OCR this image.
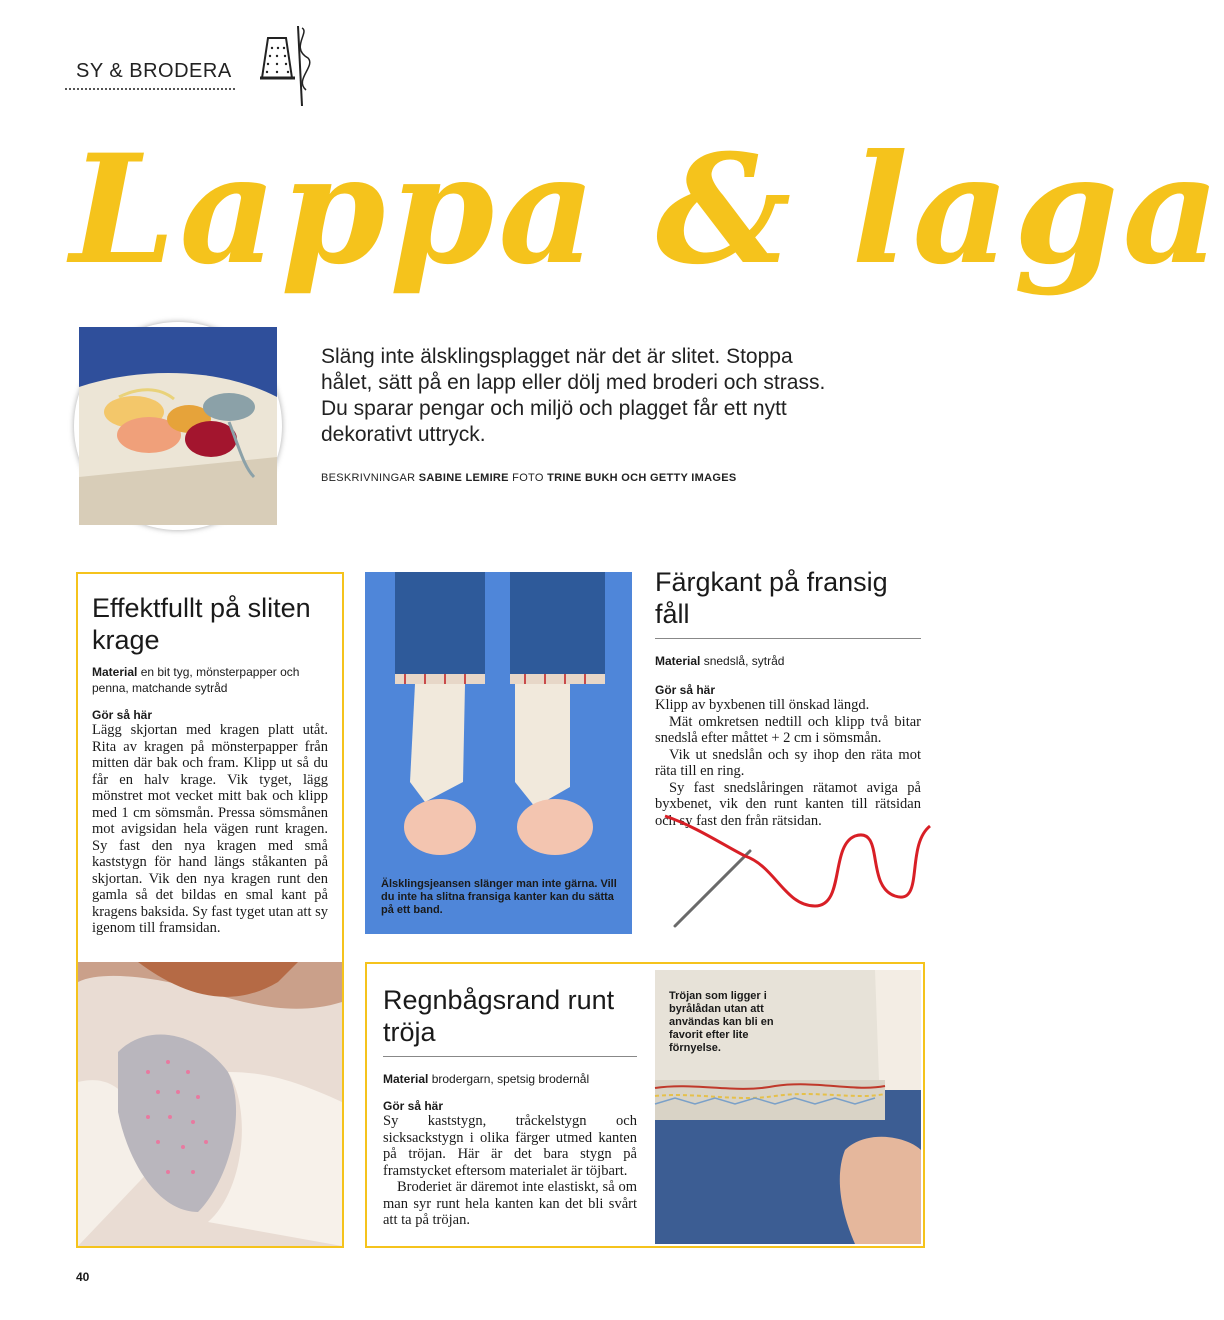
SY & BRODERA
Lappa & laga
Släng inte älsklingsplagget när det är slitet. Stoppa hålet, sätt på en lapp eller dölj med broderi och strass. Du sparar pengar och miljö och plagget får ett nytt dekorativt uttryck.
BESKRIVNINGAR SABINE LEMIRE FOTO TRINE BUKH OCH GETTY IMAGES
Effektfullt på sliten krage
Material en bit tyg, mönsterpapper och penna, matchande sytråd
Gör så här

Lägg skjortan med kragen platt utåt. Rita av kragen på mönsterpapper från mitten där bak och fram. Klipp ut så du får en halv krage. Vik tyget, lägg mönstret mot vecket mitt bak och klipp med 1 cm sömsmån. Pressa sömsmånen mot avigsidan hela vägen runt kragen. Sy fast den nya kragen med små kaststygn för hand längs ståkanten på skjortan. Vik den nya kragen runt den gamla så det bildas en smal kant på kragens baksida. Sy fast tyget utan att sy igenom till framsidan.

Älsklingsjeansen slänger man inte gärna. Vill du inte ha slitna fransiga kanter kan du sätta på ett band.
Färgkant på fransig fåll
Material snedslå, sytråd
Gör så här

Klipp av byxbenen till önskad längd.

Mät omkretsen nedtill och klipp två bitar snedslå efter måttet + 2 cm i sömsmån.

Vik ut snedslån och sy ihop den räta mot räta till en ring.

Sy fast snedslåringen rätamot aviga på byxbenet, vik den runt kanten till rätsidan och sy fast den från rätsidan.

Regnbågsrand runt tröja
Material brodergarn, spetsig brodernål
Gör så här

Sy kaststygn, tråckelstygn och sicksackstygn i olika färger utmed kanten på tröjan. Här är det bara stygn på framstycket eftersom materialet är töjbart.

Broderiet är däremot inte elastiskt, så om man syr runt hela kanten kan det bli svårt att ta på tröjan.

Tröjan som ligger i byrålådan utan att användas kan bli en favorit efter lite förnyelse.
40
